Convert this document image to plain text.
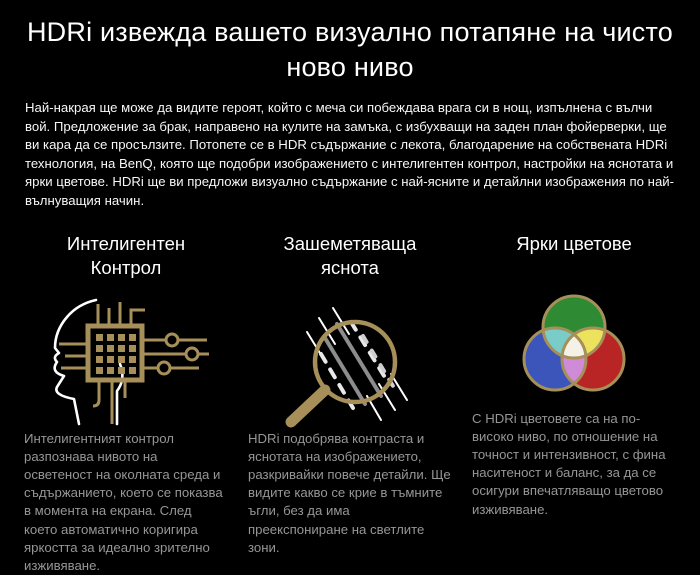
HDRi извежда вашето визуално потапяне на чисто ново ниво

Най-накрая ще може да видите героят, който с меча си побеждава врага си в нощ, изпълнена с вълчи вой. Предложение за брак, направено на кулите на замъка, с избухващи на заден план фойерверки, ще ви кара да се просълзите. Потопете се в HDR съдържание с лекота, благодарение на собствената HDRi технология, на BenQ, която ще подобри изображението с интелигентен контрол, настройки на яснотата и ярки цветове. HDRi ще ви предложи визуално съдържание с най-ясните и детайлни изображения по най-вълнуващия начин.

Интелигентен Контрол

Интелигентният контрол разпознава нивото на осветеност на околната среда и съдържанието, което се показва в момента на екрана. След което автоматично коригира яркостта за идеално зрително изживяване.

Зашеметяваща яснота

HDRi подобрява контраста и яснотата на изображението, разкривайки повече детайли. Ще видите какво се крие в тъмните ъгли, без да има преекспониране на светлите зони.

Ярки цветове

С HDRi цветовете са на по-високо ниво, по отношение на точност и интензивност, с фина наситеност и баланс, за да се осигури впечатляващо цветово изживяване.
